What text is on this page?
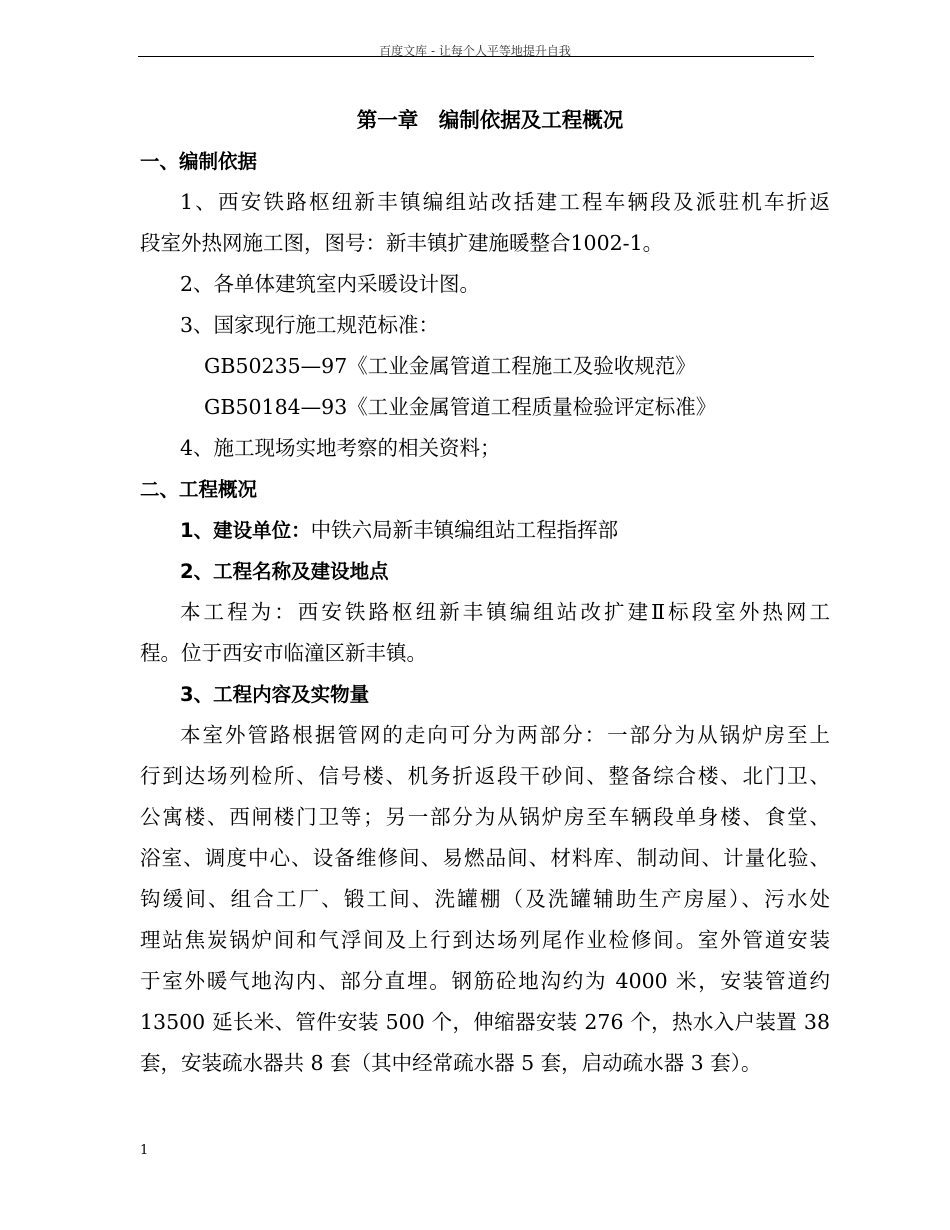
百度文库 - 让每个人平等地提升自我
第一章　编制依据及工程概况
一、编制依据
1、西安铁路枢纽新丰镇编组站改括建工程车辆段及派驻机车折返
段室外热网施工图，图号：新丰镇扩建施暖整合1002-1。
2、各单体建筑室内采暖设计图。
3、国家现行施工规范标准：
GB50235—97《工业金属管道工程施工及验收规范》
GB50184—93《工业金属管道工程质量检验评定标准》
4、施工现场实地考察的相关资料；
二、工程概况
1、建设单位：中铁六局新丰镇编组站工程指挥部
2、工程名称及建设地点
本工程为：西安铁路枢纽新丰镇编组站改扩建Ⅱ标段室外热网工
程。位于西安市临潼区新丰镇。
3、工程内容及实物量
本室外管路根据管网的走向可分为两部分：一部分为从锅炉房至上
行到达场列检所、信号楼、机务折返段干砂间、整备综合楼、北门卫、
公寓楼、西闸楼门卫等；另一部分为从锅炉房至车辆段单身楼、食堂、
浴室、调度中心、设备维修间、易燃品间、材料库、制动间、计量化验、
钩缓间、组合工厂、锻工间、洗罐棚（及洗罐辅助生产房屋）、污水处
理站焦炭锅炉间和气浮间及上行到达场列尾作业检修间。室外管道安装
于室外暖气地沟内、部分直埋。钢筋砼地沟约为 4000 米，安装管道约
13500 延长米、管件安装 500 个，伸缩器安装 276 个，热水入户装置 38
套，安装疏水器共 8 套（其中经常疏水器 5 套，启动疏水器 3 套）。
1
